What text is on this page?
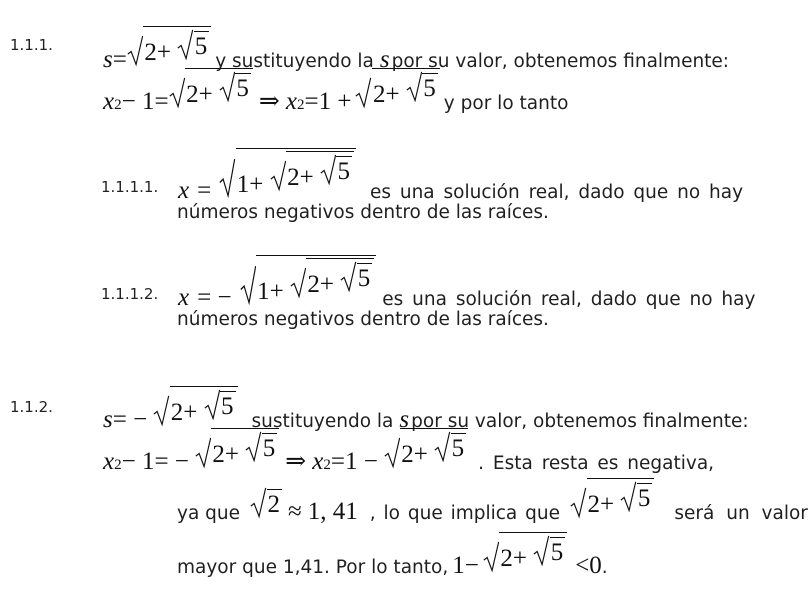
1.1.1.
s = 2+ 5
y sustituyendo la s por su valor, obtenemos finalmente:
x 2 − 1= 2+ 5 ⇒ x 2 =1 + 2+ 5
y por lo tanto
1.1.1.1. x = 1+ 2+ 5
es una solución real, dado que no hay
números negativos dentro de las raíces.
1.1.1.2. x = − 1+ 2+ 5
es una solución real, dado que no hay
números negativos dentro de las raíces.
1.1.2. s = − 2+ 5
sustituyendo la s por su valor, obtenemos finalmente:
x 2 − 1= − 2+ 5 ⇒ x 2 =1 − 2+ 5
. Esta resta es negativa,
ya que 2 ≈ 1, 41 , lo que implica que 2+ 5
será un valor
mayor que 1,41. Por lo tanto, 1− 2+ 5 <0 .
